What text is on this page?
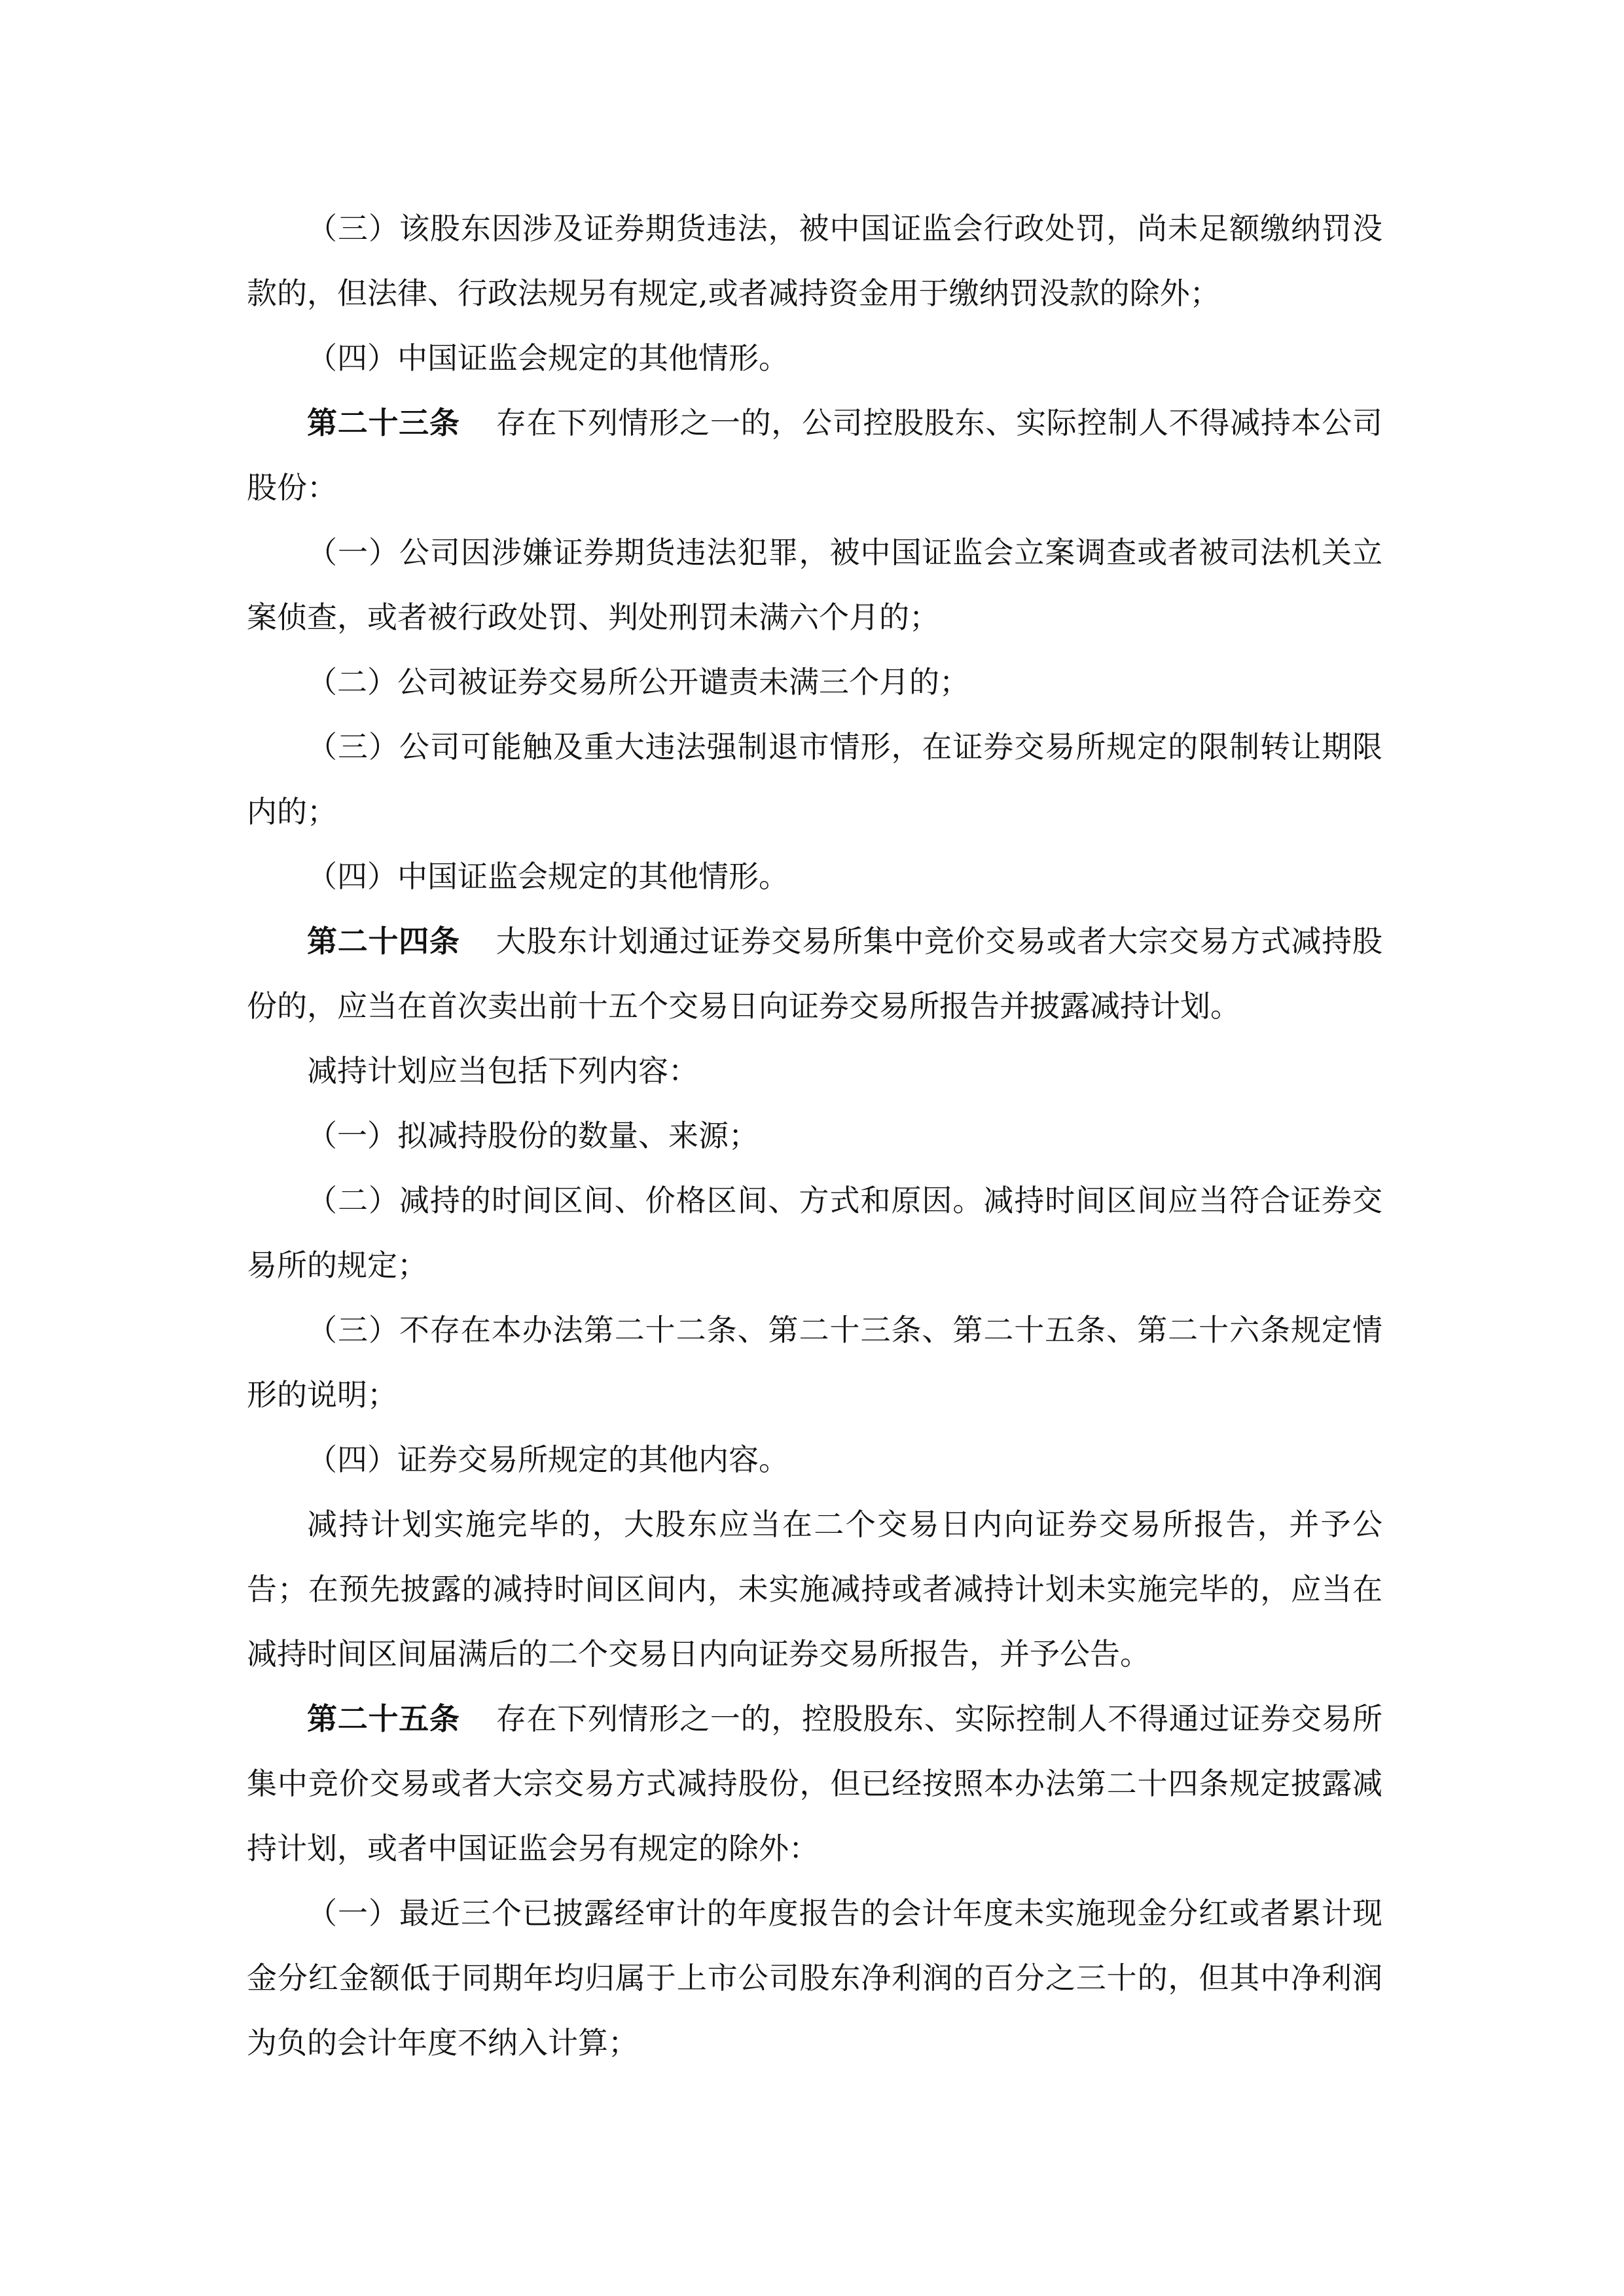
（三）该股东因涉及证券期货违法，被中国证监会行政处罚，尚未足额缴纳罚没款的，但法律、行政法规另有规定,或者减持资金用于缴纳罚没款的除外；

（四）中国证监会规定的其他情形。

第二十三条 存在下列情形之一的，公司控股股东、实际控制人不得减持本公司股份：

（一）公司因涉嫌证券期货违法犯罪，被中国证监会立案调查或者被司法机关立案侦查，或者被行政处罚、判处刑罚未满六个月的；

（二）公司被证券交易所公开谴责未满三个月的；

（三）公司可能触及重大违法强制退市情形，在证券交易所规定的限制转让期限内的；

（四）中国证监会规定的其他情形。

第二十四条 大股东计划通过证券交易所集中竞价交易或者大宗交易方式减持股份的，应当在首次卖出前十五个交易日向证券交易所报告并披露减持计划。

减持计划应当包括下列内容：

（一）拟减持股份的数量、来源；

（二）减持的时间区间、价格区间、方式和原因。减持时间区间应当符合证券交易所的规定；

（三）不存在本办法第二十二条、第二十三条、第二十五条、第二十六条规定情形的说明；

（四）证券交易所规定的其他内容。

减持计划实施完毕的，大股东应当在二个交易日内向证券交易所报告，并予公告；在预先披露的减持时间区间内，未实施减持或者减持计划未实施完毕的，应当在减持时间区间届满后的二个交易日内向证券交易所报告，并予公告。

第二十五条 存在下列情形之一的，控股股东、实际控制人不得通过证券交易所集中竞价交易或者大宗交易方式减持股份，但已经按照本办法第二十四条规定披露减持计划，或者中国证监会另有规定的除外：

（一）最近三个已披露经审计的年度报告的会计年度未实施现金分红或者累计现金分红金额低于同期年均归属于上市公司股东净利润的百分之三十的，但其中净利润为负的会计年度不纳入计算；
